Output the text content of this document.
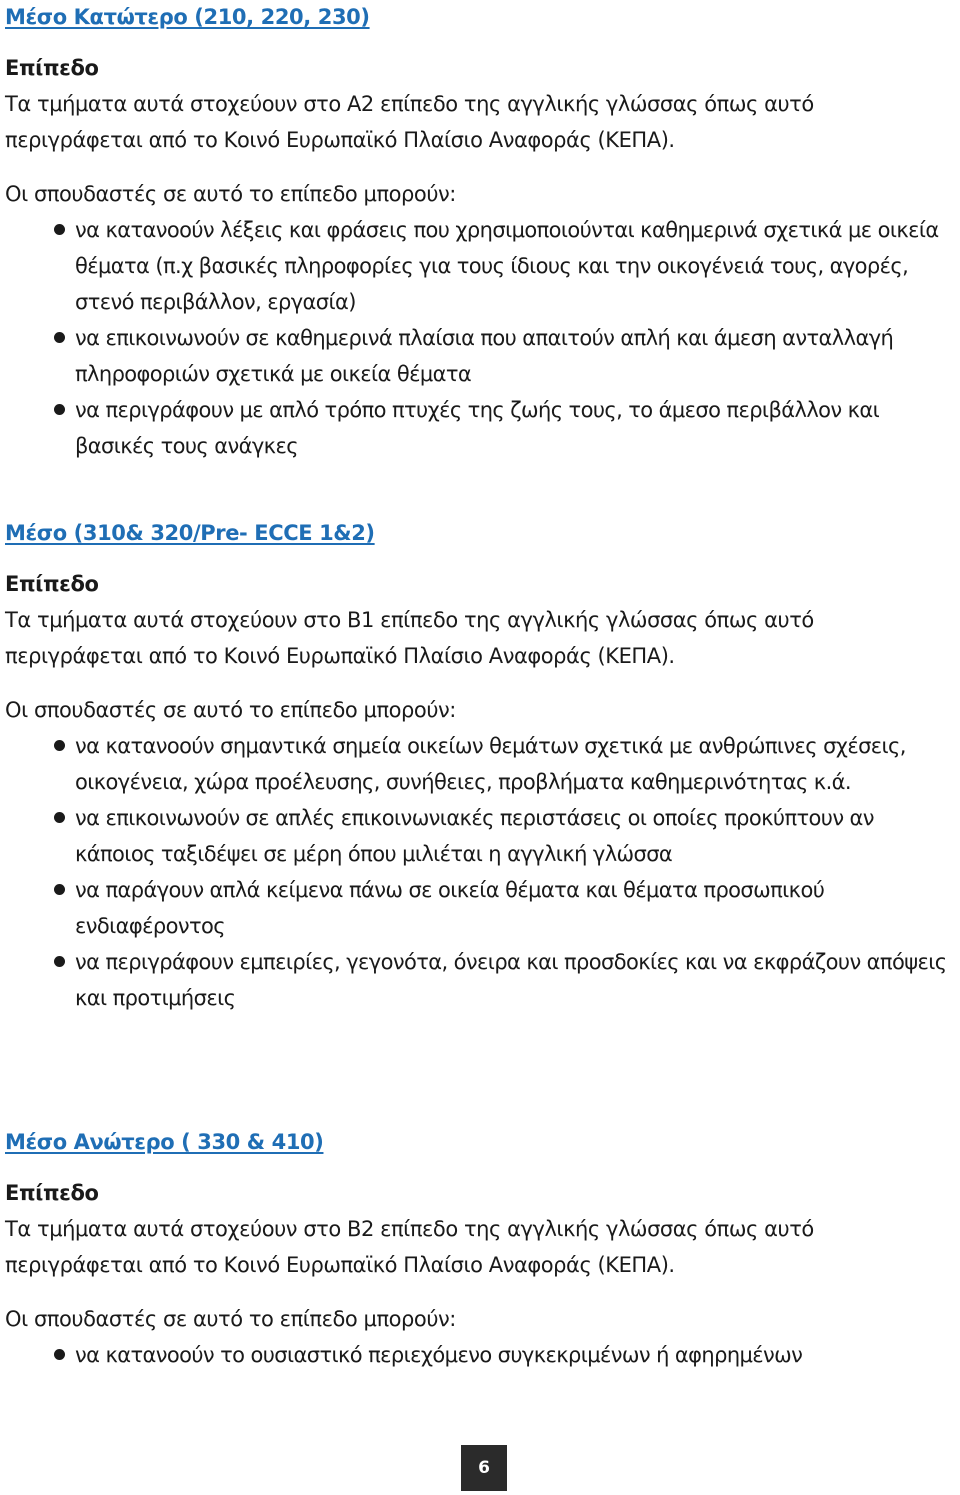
Μέσο Κατώτερο (210, 220, 230)
Επίπεδο

Τα τμήματα αυτά στοχεύουν στο Α2 επίπεδο της αγγλικής γλώσσας όπως αυτό περιγράφεται από το Κοινό Ευρωπαϊκό Πλαίσιο Αναφοράς (ΚΕΠΑ).

Οι σπουδαστές σε αυτό το επίπεδο μπορούν:

να κατανοούν λέξεις και φράσεις που χρησιμοποιούνται καθημερινά σχετικά με οικεία θέματα (π.χ βασικές πληροφορίες για τους ίδιους και την οικογένειά τους, αγορές, στενό περιβάλλον, εργασία)
να επικοινωνούν σε καθημερινά πλαίσια που απαιτούν απλή και άμεση ανταλλαγή πληροφοριών σχετικά με οικεία θέματα
να περιγράφουν με απλό τρόπο πτυχές της ζωής τους, το άμεσο περιβάλλον και βασικές τους ανάγκες
Μέσο (310& 320/Pre- ECCE 1&2)
Επίπεδο

Τα τμήματα αυτά στοχεύουν στο Β1 επίπεδο της αγγλικής γλώσσας όπως αυτό περιγράφεται από το Κοινό Ευρωπαϊκό Πλαίσιο Αναφοράς (ΚΕΠΑ).

Οι σπουδαστές σε αυτό το επίπεδο μπορούν:

να κατανοούν σημαντικά σημεία οικείων θεμάτων σχετικά με ανθρώπινες σχέσεις, οικογένεια, χώρα προέλευσης, συνήθειες, προβλήματα καθημερινότητας κ.ά.
να επικοινωνούν σε απλές επικοινωνιακές περιστάσεις οι οποίες προκύπτουν αν κάποιος ταξιδέψει σε μέρη όπου μιλιέται η αγγλική γλώσσα
να παράγουν απλά κείμενα πάνω σε οικεία θέματα και θέματα προσωπικού ενδιαφέροντος
να περιγράφουν εμπειρίες, γεγονότα, όνειρα και προσδοκίες και να εκφράζουν απόψεις και προτιμήσεις
Μέσο Ανώτερο ( 330 & 410)
Επίπεδο

Τα τμήματα αυτά στοχεύουν στο Β2 επίπεδο της αγγλικής γλώσσας όπως αυτό περιγράφεται από το Κοινό Ευρωπαϊκό Πλαίσιο Αναφοράς (ΚΕΠΑ).

Οι σπουδαστές σε αυτό το επίπεδο μπορούν:

να κατανοούν το ουσιαστικό περιεχόμενο συγκεκριμένων ή αφηρημένων
6
